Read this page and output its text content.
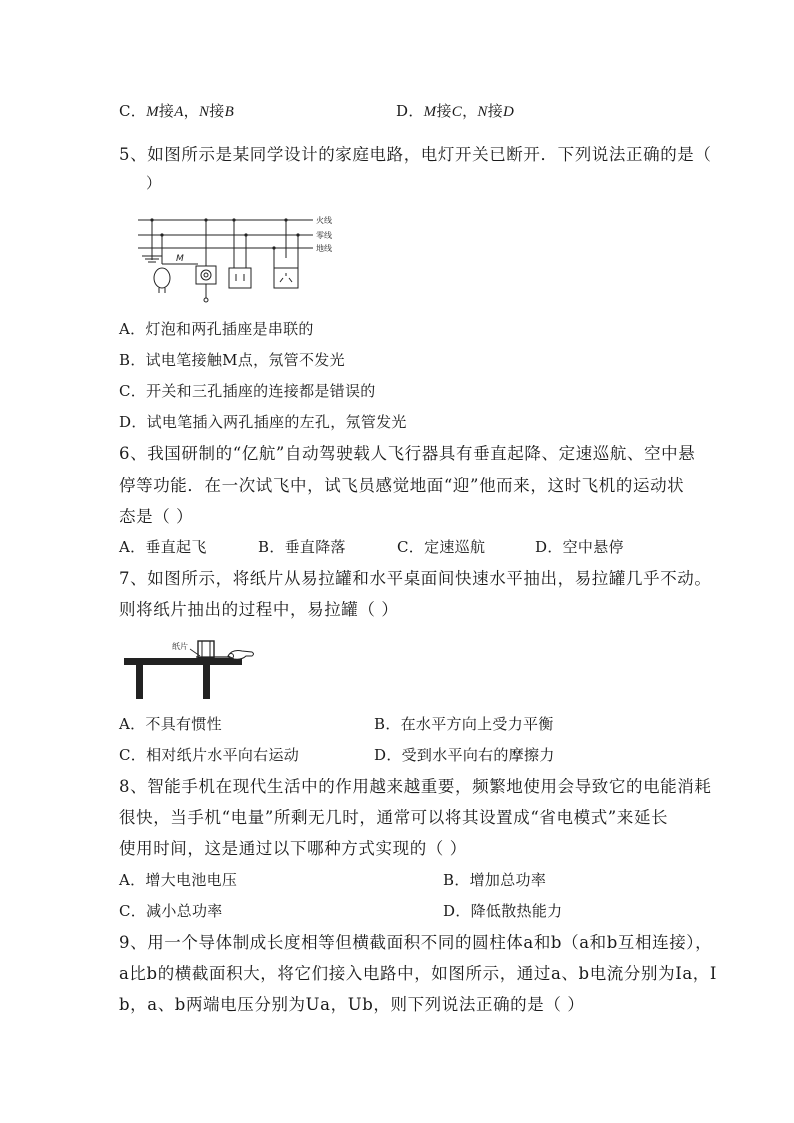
C．M接A，N接B	D．M接C，N接D
5、如图所示是某同学设计的家庭电路，电灯开关已断开．下列说法正确的是（
）
火线
零线
地线
M
A．灯泡和两孔插座是串联的
B．试电笔接触M点，氖管不发光
C．开关和三孔插座的连接都是错误的
D．试电笔插入两孔插座的左孔，氖管发光
6、我国研制的“亿航”自动驾驶载人飞行器具有垂直起降、定速巡航、空中悬
停等功能．在一次试飞中，试飞员感觉地面“迎”他而来，这时飞机的运动状
态是（ ）
A．垂直起飞	B．垂直降落	C．定速巡航	D．空中悬停
7、如图所示，将纸片从易拉罐和水平桌面间快速水平抽出，易拉罐几乎不动。
则将纸片抽出的过程中，易拉罐（ ）
纸片
A．不具有惯性	B．在水平方向上受力平衡
C．相对纸片水平向右运动	D．受到水平向右的摩擦力
8、智能手机在现代生活中的作用越来越重要，频繁地使用会导致它的电能消耗
很快，当手机“电量”所剩无几时，通常可以将其设置成“省电模式”来延长
使用时间，这是通过以下哪种方式实现的（ ）
A．增大电池电压	B．增加总功率
C．减小总功率	D．降低散热能力
9、用一个导体制成长度相等但横截面积不同的圆柱体a和b（a和b互相连接），
a比b的横截面积大，将它们接入电路中，如图所示，通过a、b电流分别为Ia，I
b，a、b两端电压分别为Ua，Ub，则下列说法正确的是（ ）
